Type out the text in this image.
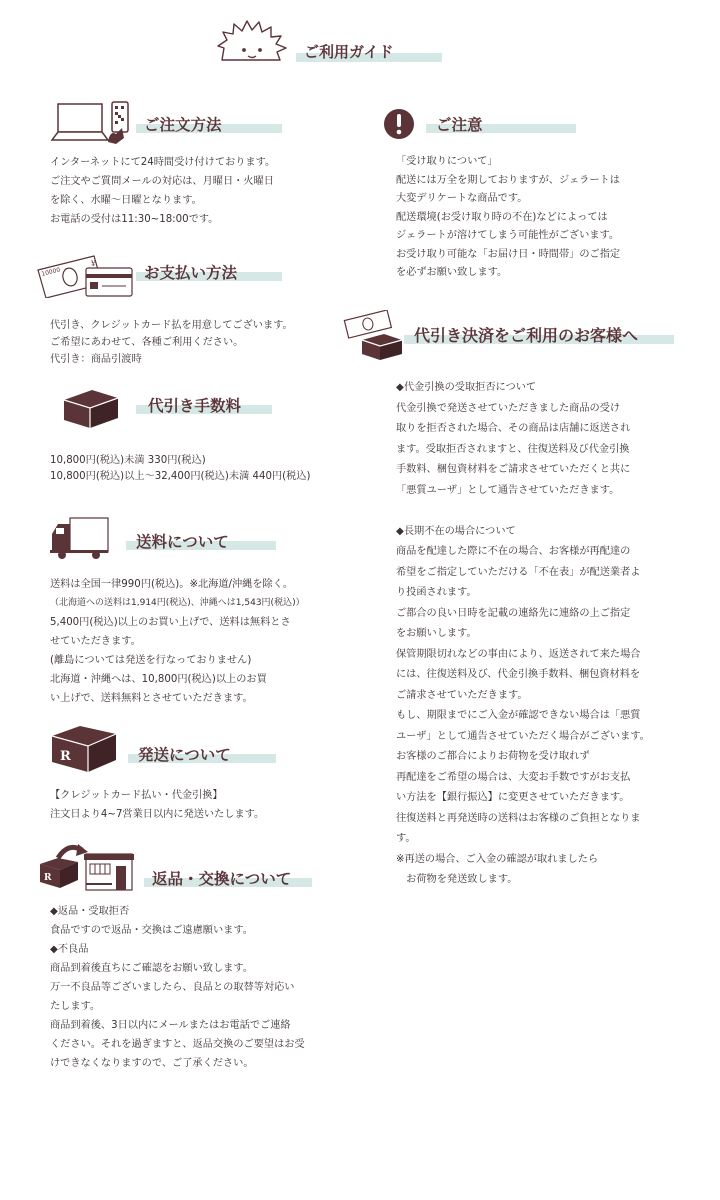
ご利用ガイド
ご注文方法
インターネットにて24時間受け付けております。
ご注文やご質問メールの対応は、月曜日・火曜日
を除く、水曜～日曜となります。
お電話の受付は11:30~18:00です。
10000
¥	お支払い方法
代引き、クレジットカード払を用意してございます。
ご希望にあわせて、各種ご利用ください。
代引き：商品引渡時
代引き手数料
10,800円(税込)未満 330円(税込)
10,800円(税込)以上～32,400円(税込)未満 440円(税込)
送料について
送料は全国一律990円(税込)。※北海道/沖縄を除く。
（北海道への送料は1,914円(税込)、沖縄へは1,543円(税込)）
5,400円(税込)以上のお買い上げで、送料は無料とさ
せていただきます。
(離島については発送を行なっておりません)
北海道・沖縄へは、10,800円(税込)以上のお買
い上げで、送料無料とさせていただきます。
R	発送について
【クレジットカード払い・代金引換】
注文日より4~7営業日以内に発送いたします。
R	返品・交換について
◆返品・受取拒否
食品ですので返品・交換はご遠慮願います。
◆不良品
商品到着後直ちにご確認をお願い致します。
万一不良品等ございましたら、良品との取替等対応い
たします。
商品到着後、3日以内にメールまたはお電話でご連絡
ください。それを過ぎますと、返品交換のご要望はお受
けできなくなりますので、ご了承ください。
ご注意
「受け取りについて」
配送には万全を期しておりますが、ジェラートは
大変デリケートな商品です。
配送環境(お受け取り時の不在)などによっては
ジェラートが溶けてしまう可能性がございます。
お受け取り可能な「お届け日・時間帯」のご指定
を必ずお願い致します。
代引き決済をご利用のお客様へ
◆代金引換の受取拒否について
代金引換で発送させていただきました商品の受け
取りを拒否された場合、その商品は店舗に返送され
ます。受取拒否されますと、往復送料及び代金引換
手数料、梱包資材料をご請求させていただくと共に
「悪質ユーザ」として通告させていただきます。
◆長期不在の場合について
商品を配達した際に不在の場合、お客様が再配達の
希望をご指定していただける「不在表」が配送業者よ
り投函されます。
ご都合の良い日時を記載の連絡先に連絡の上ご指定
をお願いします。
保管期限切れなどの事由により、返送されて来た場合
には、往復送料及び、代金引換手数料、梱包資材料を
ご請求させていただきます。
もし、期限までにご入金が確認できない場合は「悪質
ユーザ」として通告させていただく場合がございます。
お客様のご都合によりお荷物を受け取れず
再配達をご希望の場合は、大変お手数ですがお支払
い方法を【銀行振込】に変更させていただきます。
往復送料と再発送時の送料はお客様のご負担となりま
す。
※再送の場合、ご入金の確認が取れましたら
　お荷物を発送致します。
